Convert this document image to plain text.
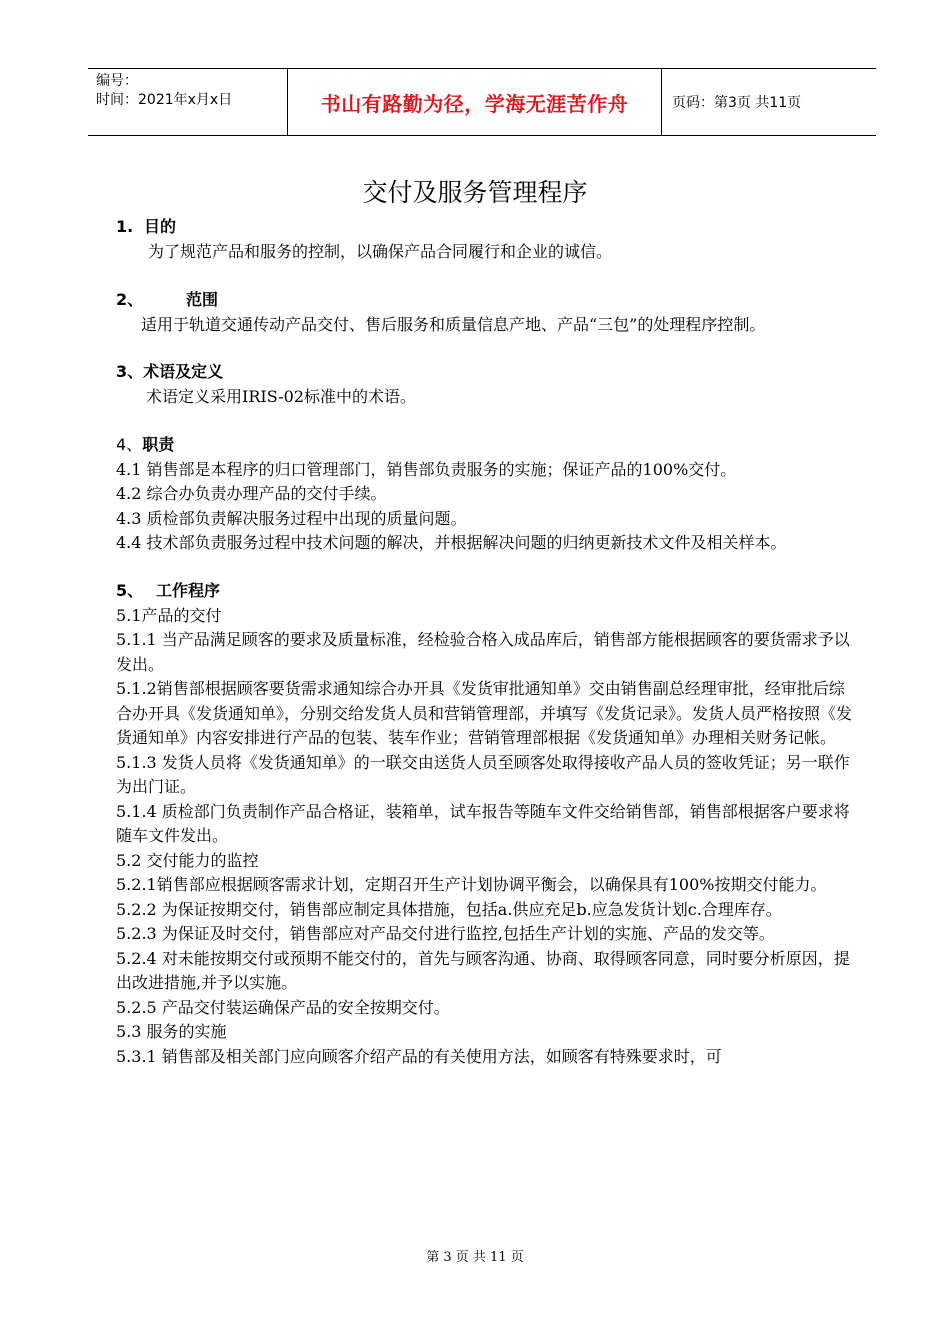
编号：
时间：2021年x月x日	书山有路勤为径，学海无涯苦作舟	页码：第3页 共11页
交付及服务管理程序
1. 目的

为了规范产品和服务的控制，以确保产品合同履行和企业的诚信。

2、	范围

适用于轨道交通传动产品交付、售后服务和质量信息产地、产品“三包”的处理程序控制。

3、术语及定义

术语定义采用IRIS-02标准中的术语。

4、职责

4.1 销售部是本程序的归口管理部门，销售部负责服务的实施；保证产品的100%交付。

4.2 综合办负责办理产品的交付手续。

4.3 质检部负责解决服务过程中出现的质量问题。

4.4 技术部负责服务过程中技术问题的解决，并根据解决问题的归纳更新技术文件及相关样本。

5、 工作程序

5.1产品的交付

5.1.1 当产品满足顾客的要求及质量标准，经检验合格入成品库后，销售部方能根据顾客的要货需求予以发出。

5.1.2销售部根据顾客要货需求通知综合办开具《发货审批通知单》交由销售副总经理审批，经审批后综合办开具《发货通知单》，分别交给发货人员和营销管理部，并填写《发货记录》。发货人员严格按照《发货通知单》内容安排进行产品的包装、装车作业；营销管理部根据《发货通知单》办理相关财务记帐。

5.1.3 发货人员将《发货通知单》的一联交由送货人员至顾客处取得接收产品人员的签收凭证；另一联作为出门证。

5.1.4 质检部门负责制作产品合格证，装箱单，试车报告等随车文件交给销售部，销售部根据客户要求将随车文件发出。

5.2 交付能力的监控

5.2.1销售部应根据顾客需求计划，定期召开生产计划协调平衡会，以确保具有100%按期交付能力。

5.2.2 为保证按期交付，销售部应制定具体措施，包括a.供应充足b.应急发货计划c.合理库存。

5.2.3 为保证及时交付，销售部应对产品交付进行监控,包括生产计划的实施、产品的发交等。

5.2.4 对未能按期交付或预期不能交付的，首先与顾客沟通、协商、取得顾客同意，同时要分析原因，提出改进措施,并予以实施。

5.2.5 产品交付装运确保产品的安全按期交付。

5.3 服务的实施

5.3.1 销售部及相关部门应向顾客介绍产品的有关使用方法，如顾客有特殊要求时，可

第 3 页 共 11 页
